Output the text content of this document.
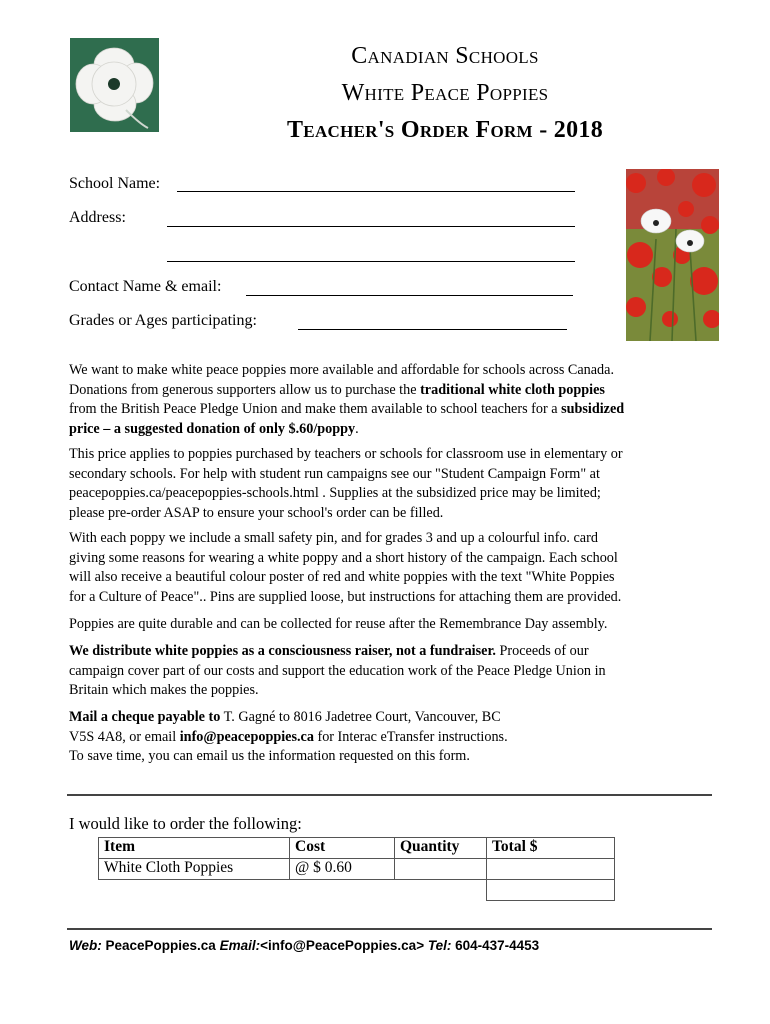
Canadian Schools
White Peace Poppies
Teacher's Order Form - 2018
School Name:
Address:
Contact Name & email:
Grades or Ages participating:
We want to make white peace poppies more available and affordable for schools across Canada.
Donations from generous supporters allow us to purchase the traditional white cloth poppies
from the British Peace Pledge Union and make them available to school teachers for a subsidized
price – a suggested donation of only $.60/poppy.
This price applies to poppies purchased by teachers or schools for classroom use in elementary or
secondary schools. For help with student run campaigns see our "Student Campaign Form" at
peacepoppies.ca/peacepoppies-schools.html . Supplies at the subsidized price may be limited;
please pre-order ASAP to ensure your school's order can be filled.
With each poppy we include a small safety pin, and for grades 3 and up a colourful info. card
giving some reasons for wearing a white poppy and a short history of the campaign. Each school
will also receive a beautiful colour poster of red and white poppies with the text "White Poppies
for a Culture of Peace".. Pins are supplied loose, but instructions for attaching them are provided.
Poppies are quite durable and can be collected for reuse after the Remembrance Day assembly.
We distribute white poppies as a consciousness raiser, not a fundraiser. Proceeds of our
campaign cover part of our costs and support the education work of the Peace Pledge Union in
Britain which makes the poppies.
Mail a cheque payable to T. Gagné to 8016 Jadetree Court, Vancouver, BC
V5S 4A8, or email info@peacepoppies.ca for Interac eTransfer instructions.
To save time, you can email us the information requested on this form.
I would like to order the following:
Item	Cost	Quantity	Total $
White Cloth Poppies	@ $ 0.60		

Web: PeacePoppies.ca Email:<info@PeacePoppies.ca> Tel: 604-437-4453
